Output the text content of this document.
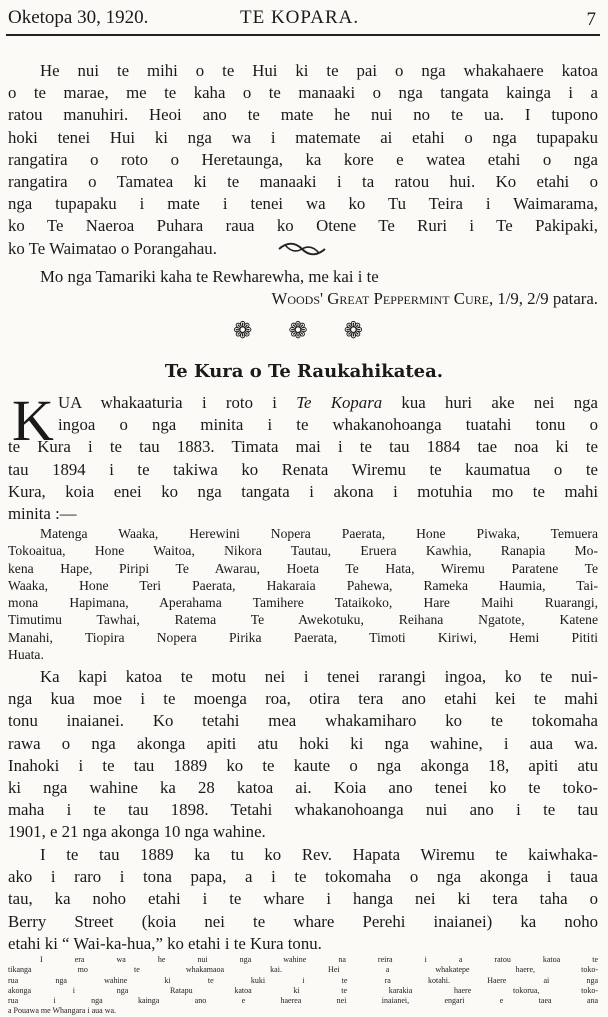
Oketopa 30, 1920.	TE KOPARA.	7
He nui te mihi o te Hui ki te pai o nga whakahaere katoa
o te marae, me te kaha o te manaaki o nga tangata kainga i a
ratou manuhiri. Heoi ano te mate he nui no te ua. I tupono
hoki tenei Hui ki nga wa i matemate ai etahi o nga tupapaku
rangatira o roto o Heretaunga, ka kore e watea etahi o nga
rangatira o Tamatea ki te manaaki i ta ratou hui. Ko etahi o
nga tupapaku i mate i tenei wa ko Tu Teira i Waimarama,
ko Te Naeroa Puhara raua ko Otene Te Ruri i Te Pakipaki,
ko Te Waimatao o Porangahau.
Mo nga Tamariki kaha te Rewharewha, me kai i te
Woods' Great Peppermint Cure, 1/9, 2/9 patara.
❁ ❁ ❁
Te Kura o Te Raukahikatea.
K UA whakaaturia i roto i Te Kopara kua huri ake nei nga
ingoa o nga minita i te whakanohoanga tuatahi tonu o
te Kura i te tau 1883. Timata mai i te tau 1884 tae noa ki te
tau 1894 i te takiwa ko Renata Wiremu te kaumatua o te
Kura, koia enei ko nga tangata i akona i motuhia mo te mahi
minita :—
Matenga Waaka, Herewini Nopera Paerata, Hone Piwaka, Temuera
Tokoaitua, Hone Waitoa, Nikora Tautau, Eruera Kawhia, Ranapia Mo-
kena Hape, Piripi Te Awarau, Hoeta Te Hata, Wiremu Paratene Te
Waaka, Hone Teri Paerata, Hakaraia Pahewa, Rameka Haumia, Tai-
mona Hapimana, Aperahama Tamihere Tataikoko, Hare Maihi Ruarangi,
Timutimu Tawhai, Ratema Te Awekotuku, Reihana Ngatote, Katene
Manahi, Tiopira Nopera Pirika Paerata, Timoti Kiriwi, Hemi Pititi
Huata.
Ka kapi katoa te motu nei i tenei rarangi ingoa, ko te nui-
nga kua moe i te moenga roa, otira tera ano etahi kei te mahi
tonu inaianei. Ko tetahi mea whakamiharo ko te tokomaha
rawa o nga akonga apiti atu hoki ki nga wahine, i aua wa.
Inahoki i te tau 1889 ko te kaute o nga akonga 18, apiti atu
ki nga wahine ka 28 katoa ai. Koia ano tenei ko te toko-
maha i te tau 1898. Tetahi whakanohoanga nui ano i te tau
1901, e 21 nga akonga 10 nga wahine.
I te tau 1889 ka tu ko Rev. Hapata Wiremu te kaiwhaka-
ako i raro i tona papa, a i te tokomaha o nga akonga i taua
tau, ka noho etahi i te whare i hanga nei ki tera taha o
Berry Street (koia nei te whare Perehi inaianei) ka noho
etahi ki “ Wai-ka-hua,” ko etahi i te Kura tonu.
I era wa he nui nga wahine na reira i a ratou katoa te
tikanga mo te whakamaoa kai. Hei a whakatepe haere, toko-
rua nga wahine ki te kuki i te ra kotahi. Haere ai nga
akonga i nga Ratapu katoa ki te karakia haere tokorua, toko-
rua i nga kainga ano e haerea nei inaianei, engari e taea ana
a Pouawa me Whangara i aua wa.
